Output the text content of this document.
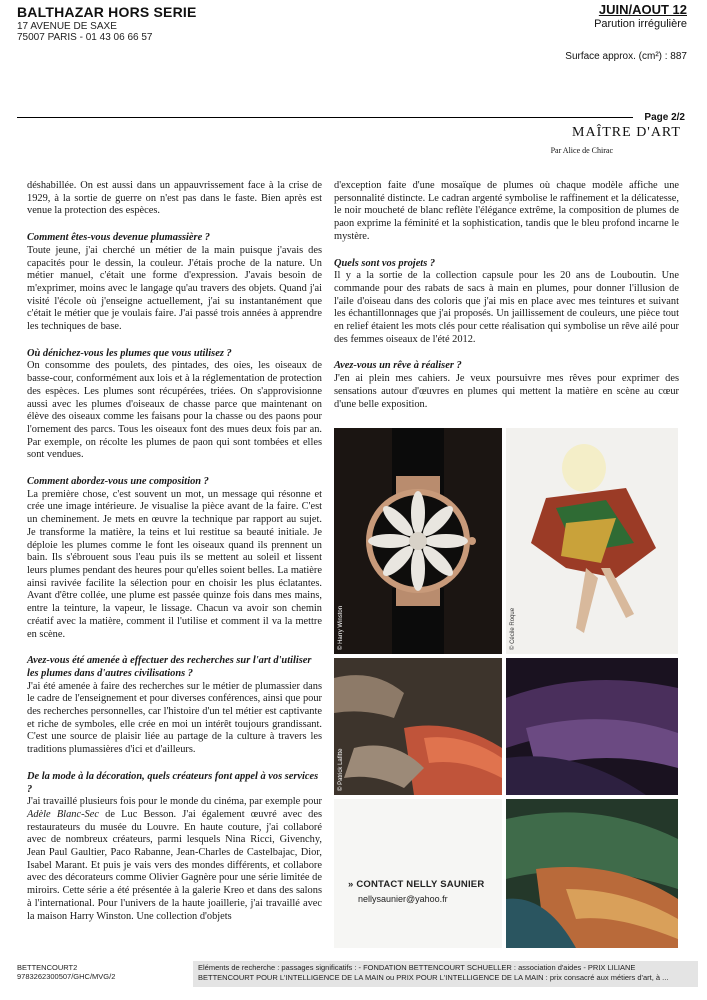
BALTHAZAR HORS SERIE
17 AVENUE DE SAXE
75007 PARIS - 01 43 06 66 57
JUIN/AOUT 12
Parution irrégulière
Surface approx. (cm²) : 887
Page 2/2
MAÎTRE D'ART
Par Alice de Chirac

déshabillée. On est aussi dans un appauvrissement face à la crise de 1929, à la sortie de guerre on n'est pas dans le faste. Bien après est venue la protection des espèces.

Comment êtes-vous devenue plumassière ?

Toute jeune, j'ai cherché un métier de la main puisque j'avais des capacités pour le dessin, la couleur. J'étais proche de la nature. Un métier manuel, c'était une forme d'expression. J'avais besoin de m'exprimer, moins avec le langage qu'au travers des objets. Quand j'ai visité l'école où j'enseigne actuellement, j'ai su instantanément que c'était le métier que je voulais faire. J'ai passé trois années à apprendre les techniques de base.

Où dénichez-vous les plumes que vous utilisez ?

On consomme des poulets, des pintades, des oies, les oiseaux de basse-cour, conformément aux lois et à la réglementation de protection des espèces. Les plumes sont récupérées, triées. On s'approvisionne aussi avec les plumes d'oiseaux de chasse parce que maintenant on élève des oiseaux comme les faisans pour la chasse ou des paons pour l'ornement des parcs. Tous les oiseaux font des mues deux fois par an. Par exemple, on récolte les plumes de paon qui sont tombées et elles sont vendues.

Comment abordez-vous une composition ?

La première chose, c'est souvent un mot, un message qui résonne et crée une image intérieure. Je visualise la pièce avant de la faire. C'est un cheminement. Je mets en œuvre la technique par rapport au sujet. Je transforme la matière, la teins et lui restitue sa beauté initiale. Je déploie les plumes comme le font les oiseaux quand ils prennent un bain. Ils s'ébrouent sous l'eau puis ils se mettent au soleil et lissent leurs plumes pendant des heures pour qu'elles soient belles. La matière ainsi ravivée facilite la sélection pour en choisir les plus éclatantes. Avant d'être collée, une plume est passée quinze fois dans mes mains, entre la teinture, la vapeur, le lissage. Chacun va avoir son chemin créatif avec la matière, comment il l'utilise et comment il va la mettre en scène.

Avez-vous été amenée à effectuer des recherches sur l'art d'utiliser les plumes dans d'autres civilisations ?

J'ai été amenée à faire des recherches sur le métier de plumassier dans le cadre de l'enseignement et pour diverses conférences, ainsi que pour des recherches personnelles, car l'histoire d'un tel métier est captivante et riche de symboles, elle crée en moi un intérêt toujours grandissant. C'est une source de plaisir liée au partage de la culture à travers les traditions plumassières d'ici et d'ailleurs.

De la mode à la décoration, quels créateurs font appel à vos services ?

J'ai travaillé plusieurs fois pour le monde du cinéma, par exemple pour Adèle Blanc-Sec de Luc Besson. J'ai également œuvré avec des restaurateurs du musée du Louvre. En haute couture, j'ai collaboré avec de nombreux créateurs, parmi lesquels Nina Ricci, Givenchy, Jean Paul Gaultier, Paco Rabanne, Jean-Charles de Castelbajac, Dior, Isabel Marant. Et puis je vais vers des mondes différents, et collabore avec des décorateurs comme Olivier Gagnère pour une série limitée de miroirs. Cette série a été présentée à la galerie Kreo et dans des salons à l'international. Pour l'univers de la haute joaillerie, j'ai travaillé avec la maison Harry Winston. Une collection d'objets

d'exception faite d'une mosaïque de plumes où chaque modèle affiche une personnalité distincte. Le cadran argenté symbolise le raffinement et la délicatesse, le noir moucheté de blanc reflète l'élégance extrême, la composition de plumes de paon exprime la féminité et la sophistication, tandis que le bleu profond incarne le mystère.

Quels sont vos projets ?

Il y a la sortie de la collection capsule pour les 20 ans de Louboutin. Une commande pour des rabats de sacs à main en plumes, pour donner l'illusion de l'aile d'oiseau dans des coloris que j'ai mis en place avec mes teintures et suivant les échantillonnages que j'ai proposés. Un jaillissement de couleurs, une pièce tout en relief étaient les mots clés pour cette réalisation qui symbolise un rêve ailé pour des femmes oiseaux de l'été 2012.

Avez-vous un rêve à réaliser ?

J'en ai plein mes cahiers. Je veux poursuivre mes rêves pour exprimer des sensations autour d'œuvres en plumes qui mettent la matière en scène au cœur d'une belle exposition.

© Harry Winston	© Cécile Roque
© Patrick Lafitte
» CONTACT NELLY SAUNIER
nellysaunier@yahoo.fr
BETTENCOURT2
9783262300507/GHC/MVG/2
Eléments de recherche : passages significatifs : - FONDATION BETTENCOURT SCHUELLER : association d'aides - PRIX LILIANE
BETTENCOURT POUR L'INTELLIGENCE DE LA MAIN ou PRIX POUR L'INTELLIGENCE DE LA MAIN : prix consacré aux métiers d'art, à ...
